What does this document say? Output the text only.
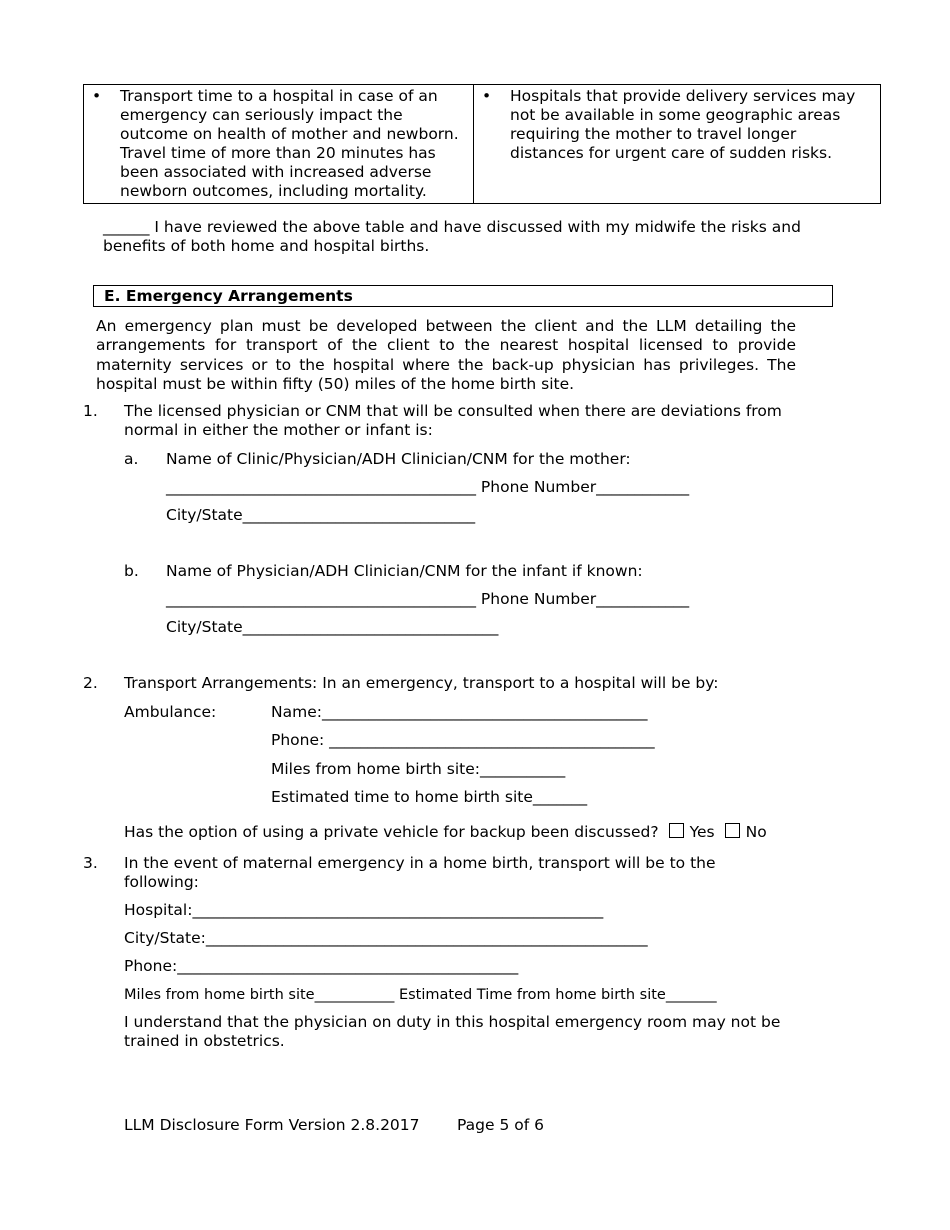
•	Transport time to a hospital in case of an emergency can seriously impact the outcome on health of mother and newborn. Travel time of more than 20 minutes has been associated with increased adverse newborn outcomes, including mortality.

•	Hospitals that provide delivery services may not be available in some geographic areas requiring the mother to travel longer distances for urgent care of sudden risks.
______ I have reviewed the above table and have discussed with my midwife the risks and
benefits of both home and hospital births.
E. Emergency Arrangements
An emergency plan must be developed between the client and the LLM detailing the arrangements for transport of the client to the nearest hospital licensed to provide maternity services or to the hospital where the back-up physician has privileges. The hospital must be within fifty (50) miles of the home birth site.
1. The licensed physician or CNM that will be consulted when there are deviations from normal in either the mother or infant is:
a. Name of Clinic/Physician/ADH Clinician/CNM for the mother:
________________________________________ Phone Number____________
City/State______________________________
b. Name of Physician/ADH Clinician/CNM for the infant if known:
________________________________________ Phone Number____________
City/State_________________________________
2. Transport Arrangements: In an emergency, transport to a hospital will be by:
Ambulance:	Name:__________________________________________
Phone: __________________________________________
Miles from home birth site:___________
Estimated time to home birth site_______
Has the option of using a private vehicle for backup been discussed? Yes No
3. In the event of maternal emergency in a home birth, transport will be to the following:
Hospital:_____________________________________________________
City/State:_________________________________________________________
Phone:____________________________________________
Miles from home birth site___________ Estimated Time from home birth site_______
I understand that the physician on duty in this hospital emergency room may not be trained in obstetrics.
LLM Disclosure Form Version 2.8.2017 Page 5 of 6
